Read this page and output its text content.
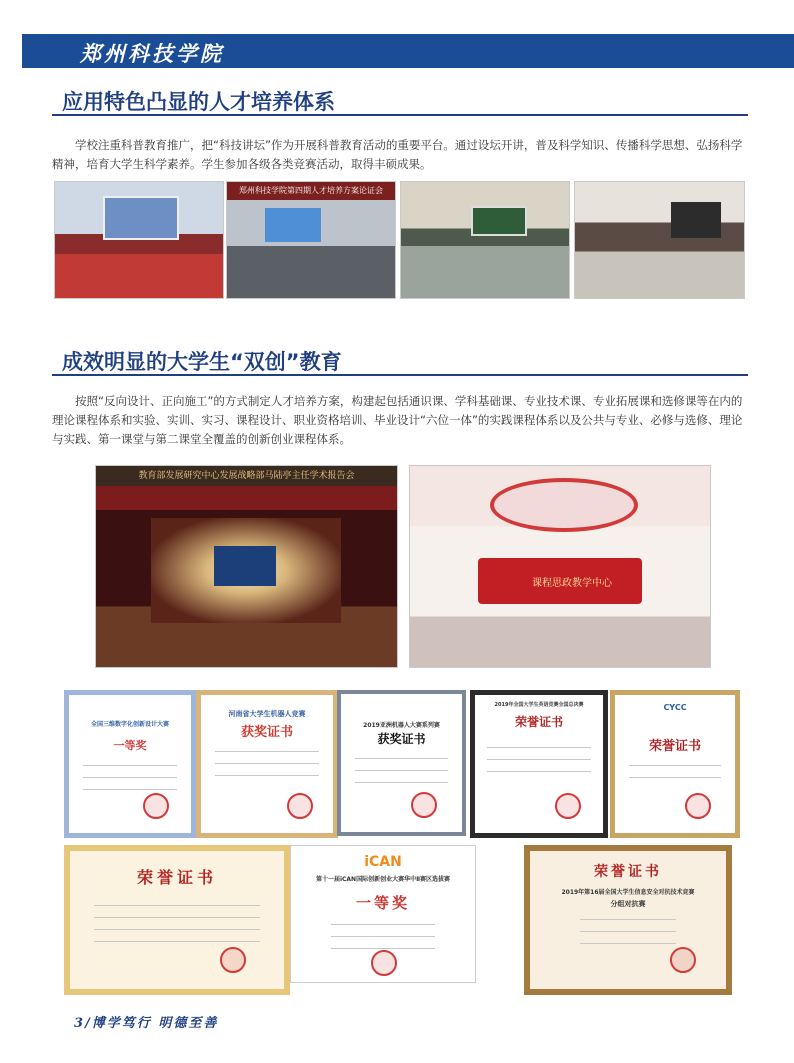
郑州科技学院
应用特色凸显的人才培养体系

学校注重科普教育推广，把“科技讲坛”作为开展科普教育活动的重要平台。通过设坛开讲，普及科学知识、传播科学思想、弘扬科学精神，培育大学生科学素养。学生参加各级各类竞赛活动，取得丰硕成果。

郑州科技学院第四期人才培养方案论证会
成效明显的大学生“双创”教育

按照“反向设计、正向施工”的方式制定人才培养方案，构建起包括通识课、学科基础课、专业技术课、专业拓展课和选修课等在内的理论课程体系和实验、实训、实习、课程设计、职业资格培训、毕业设计“六位一体”的实践课程体系以及公共与专业、必修与选修、理论与实践、第一课堂与第二课堂全覆盖的创新创业课程体系。

教育部发展研究中心发展战略部马陆亭主任学术报告会
课程思政教学中心
全国三维数字化创新设计大赛
一等奖
河南省大学生机器人竞赛
获奖证书	2019亚洲机器人大赛系列赛
获奖证书
2019年全国大学生英语竞赛全国总决赛
荣誉证书
CYCC
荣誉证书
荣誉证书
iCAN
第十一届iCAN国际创新创业大赛华中Ⅱ赛区选拔赛
一等奖
荣誉证书
2019年第16届全国大学生信息安全对抗技术竞赛
分组对抗赛
3/博学笃行 明德至善
